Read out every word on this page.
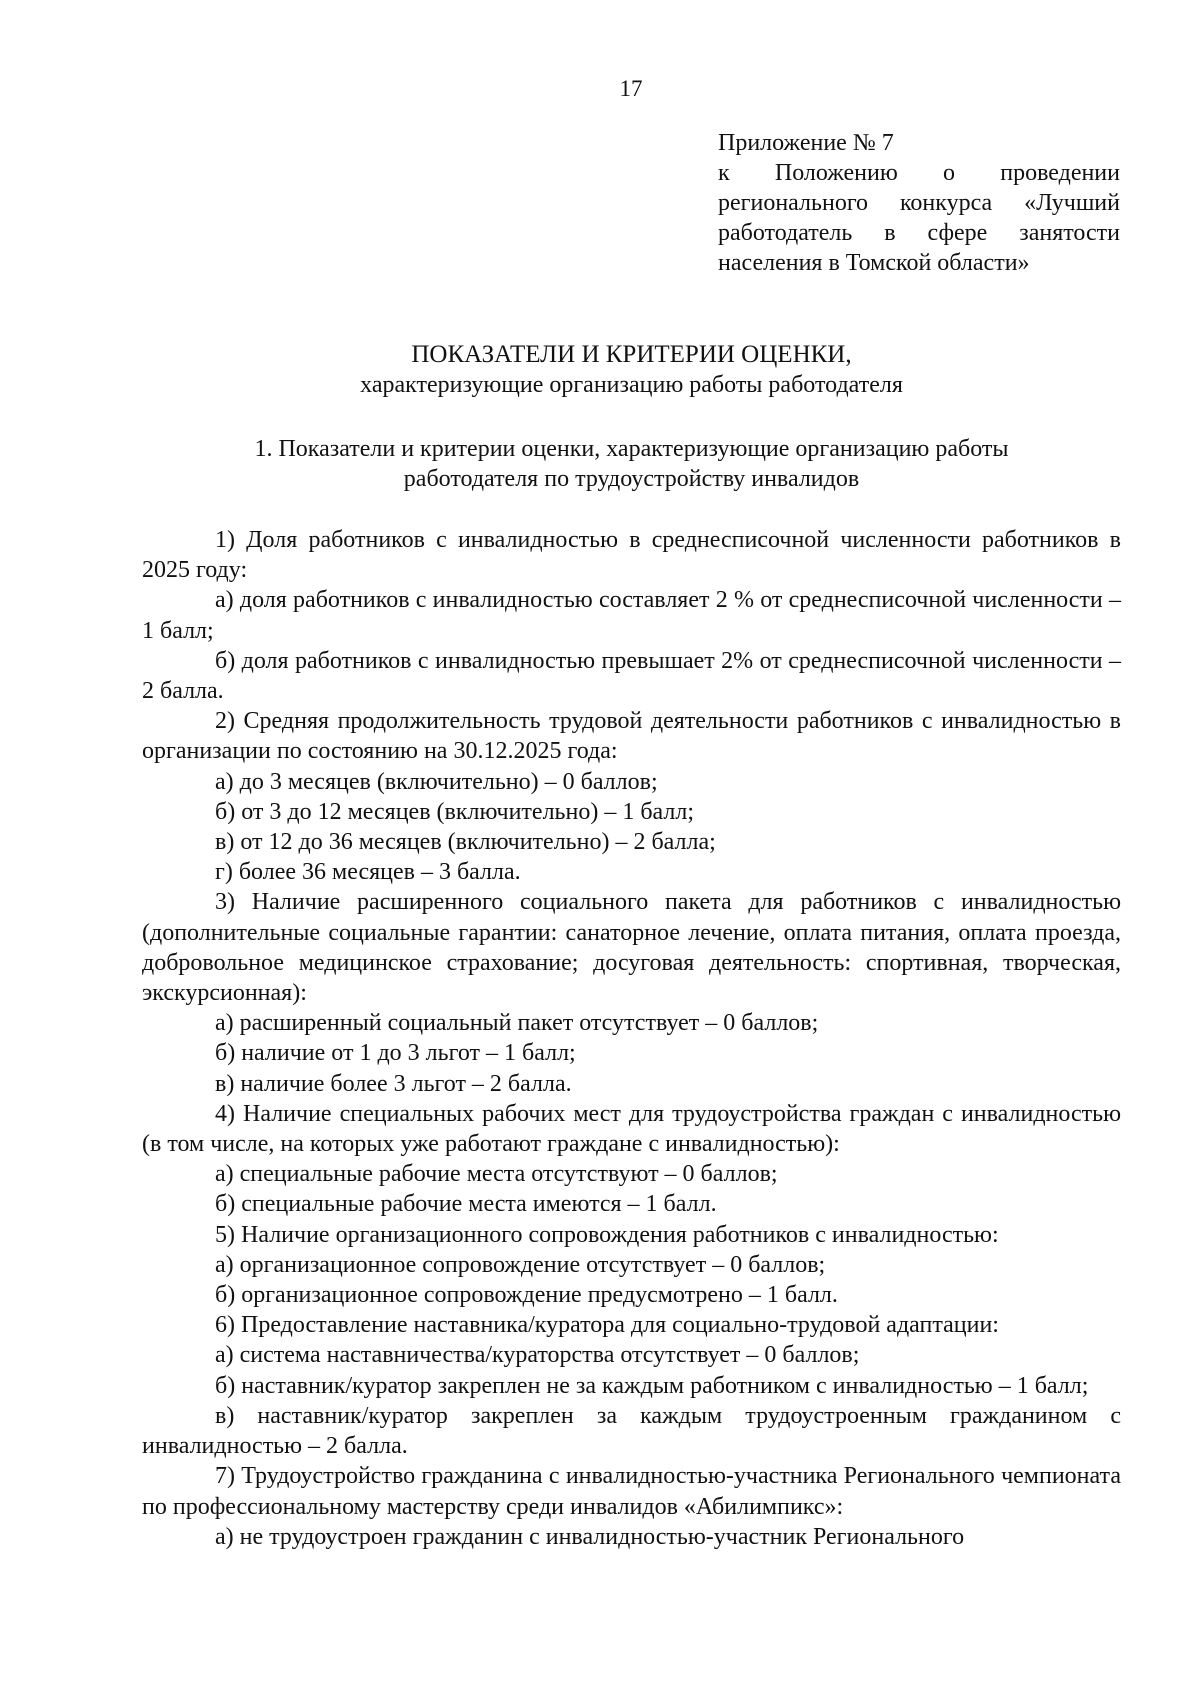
17
Приложение № 7
к Положению о проведении регионального конкурса «Лучший работодатель в сфере занятости населения в Томской области»
ПОКАЗАТЕЛИ И КРИТЕРИИ ОЦЕНКИ,
характеризующие организацию работы работодателя
1. Показатели и критерии оценки, характеризующие организацию работы
работодателя по трудоустройству инвалидов

1) Доля работников с инвалидностью в среднесписочной численности работников в 2025 году:

а) доля работников с инвалидностью составляет 2 % от среднесписочной численности – 1 балл;

б) доля работников с инвалидностью превышает 2% от среднесписочной численности – 2 балла.

2) Средняя продолжительность трудовой деятельности работников с инвалидностью в организации по состоянию на 30.12.2025 года:

а) до 3 месяцев (включительно) – 0 баллов;

б) от 3 до 12 месяцев (включительно) – 1 балл;

в) от 12 до 36 месяцев (включительно) – 2 балла;

г) более 36 месяцев – 3 балла.

3) Наличие расширенного социального пакета для работников с инвалидностью (дополнительные социальные гарантии: санаторное лечение, оплата питания, оплата проезда, добровольное медицинское страхование; досуговая деятельность: спортивная, творческая, экскурсионная):

а) расширенный социальный пакет отсутствует – 0 баллов;

б) наличие от 1 до 3 льгот – 1 балл;

в) наличие более 3 льгот – 2 балла.

4) Наличие специальных рабочих мест для трудоустройства граждан с инвалидностью (в том числе, на которых уже работают граждане с инвалидностью):

а) специальные рабочие места отсутствуют – 0 баллов;

б) специальные рабочие места имеются – 1 балл.

5) Наличие организационного сопровождения работников с инвалидностью:

а) организационное сопровождение отсутствует – 0 баллов;

б) организационное сопровождение предусмотрено – 1 балл.

6) Предоставление наставника/куратора для социально-трудовой адаптации:

а) система наставничества/кураторства отсутствует – 0 баллов;

б) наставник/куратор закреплен не за каждым работником с инвалидностью – 1 балл;

в) наставник/куратор закреплен за каждым трудоустроенным гражданином с инвалидностью – 2 балла.

7) Трудоустройство гражданина с инвалидностью-участника Регионального чемпионата по профессиональному мастерству среди инвалидов «Абилимпикс»:

а) не трудоустроен гражданин с инвалидностью-участник Регионального
